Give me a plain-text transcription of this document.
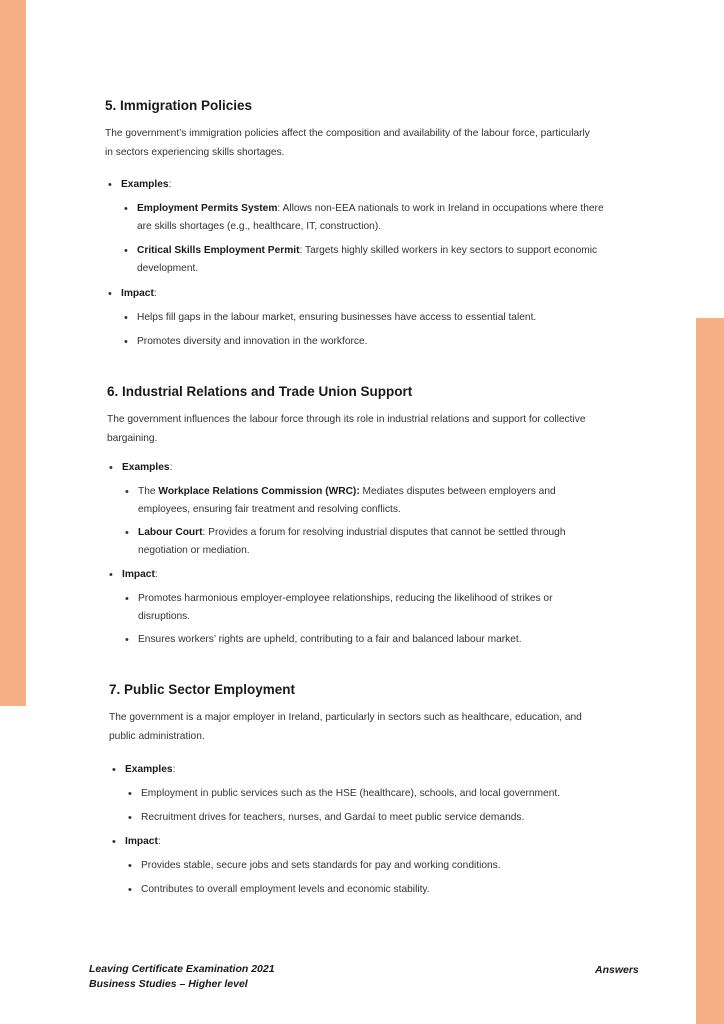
5. Immigration Policies
The government’s immigration policies affect the composition and availability of the labour force, particularly in sectors experiencing skills shortages.
• Examples:
• Employment Permits System: Allows non-EEA nationals to work in Ireland in occupations where there are skills shortages (e.g., healthcare, IT, construction).
• Critical Skills Employment Permit: Targets highly skilled workers in key sectors to support economic development.
• Impact:
• Helps fill gaps in the labour market, ensuring businesses have access to essential talent.
• Promotes diversity and innovation in the workforce.
6. Industrial Relations and Trade Union Support
The government influences the labour force through its role in industrial relations and support for collective bargaining.
• Examples:
• The Workplace Relations Commission (WRC): Mediates disputes between employers and employees, ensuring fair treatment and resolving conflicts.
• Labour Court: Provides a forum for resolving industrial disputes that cannot be settled through negotiation or mediation.
• Impact:
• Promotes harmonious employer-employee relationships, reducing the likelihood of strikes or disruptions.
• Ensures workers’ rights are upheld, contributing to a fair and balanced labour market.
7. Public Sector Employment
The government is a major employer in Ireland, particularly in sectors such as healthcare, education, and public administration.
• Examples:
• Employment in public services such as the HSE (healthcare), schools, and local government.
• Recruitment drives for teachers, nurses, and Gardaí to meet public service demands.
• Impact:
• Provides stable, secure jobs and sets standards for pay and working conditions.
• Contributes to overall employment levels and economic stability.
Leaving Certificate Examination 2021
Business Studies – Higher level
Answers
